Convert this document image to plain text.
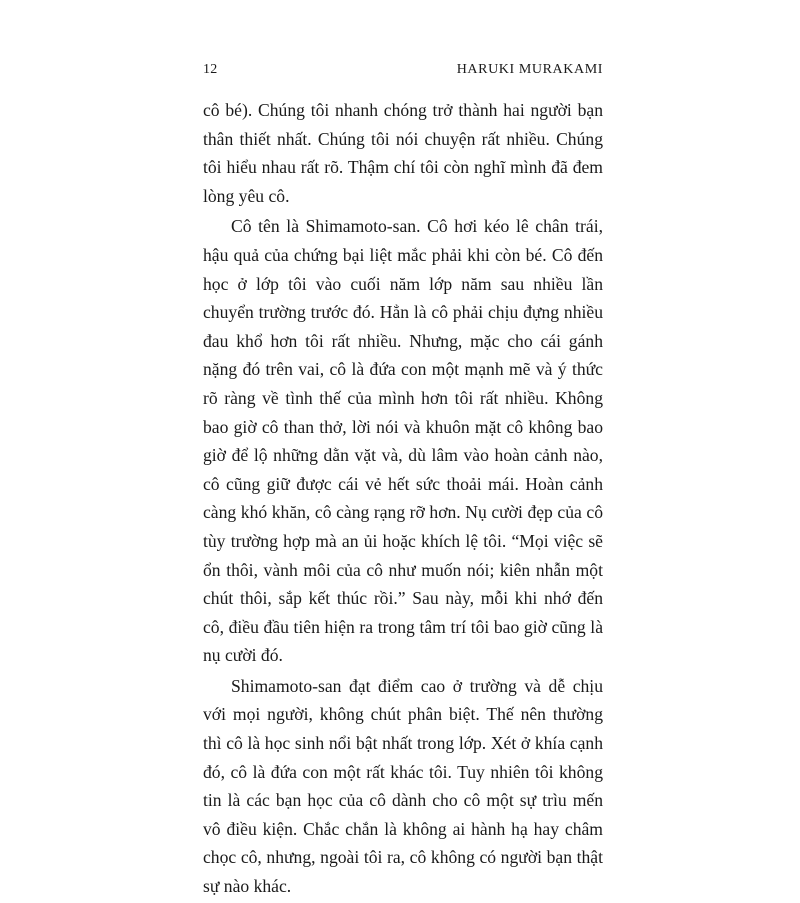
12	HARUKI MURAKAMI

cô bé). Chúng tôi nhanh chóng trở thành hai người bạn thân thiết nhất. Chúng tôi nói chuyện rất nhiều. Chúng tôi hiểu nhau rất rõ. Thậm chí tôi còn nghĩ mình đã đem lòng yêu cô.

Cô tên là Shimamoto-san. Cô hơi kéo lê chân trái, hậu quả của chứng bại liệt mắc phải khi còn bé. Cô đến học ở lớp tôi vào cuối năm lớp năm sau nhiều lần chuyển trường trước đó. Hẳn là cô phải chịu đựng nhiều đau khổ hơn tôi rất nhiều. Nhưng, mặc cho cái gánh nặng đó trên vai, cô là đứa con một mạnh mẽ và ý thức rõ ràng về tình thế của mình hơn tôi rất nhiều. Không bao giờ cô than thở, lời nói và khuôn mặt cô không bao giờ để lộ những dằn vặt và, dù lâm vào hoàn cảnh nào, cô cũng giữ được cái vẻ hết sức thoải mái. Hoàn cảnh càng khó khăn, cô càng rạng rỡ hơn. Nụ cười đẹp của cô tùy trường hợp mà an ủi hoặc khích lệ tôi. “Mọi việc sẽ ổn thôi, vành môi của cô như muốn nói; kiên nhẫn một chút thôi, sắp kết thúc rồi.” Sau này, mỗi khi nhớ đến cô, điều đầu tiên hiện ra trong tâm trí tôi bao giờ cũng là nụ cười đó.

Shimamoto-san đạt điểm cao ở trường và dễ chịu với mọi người, không chút phân biệt. Thế nên thường thì cô là học sinh nổi bật nhất trong lớp. Xét ở khía cạnh đó, cô là đứa con một rất khác tôi. Tuy nhiên tôi không tin là các bạn học của cô dành cho cô một sự trìu mến vô điều kiện. Chắc chắn là không ai hành hạ hay châm chọc cô, nhưng, ngoài tôi ra, cô không có người bạn thật sự nào khác.
